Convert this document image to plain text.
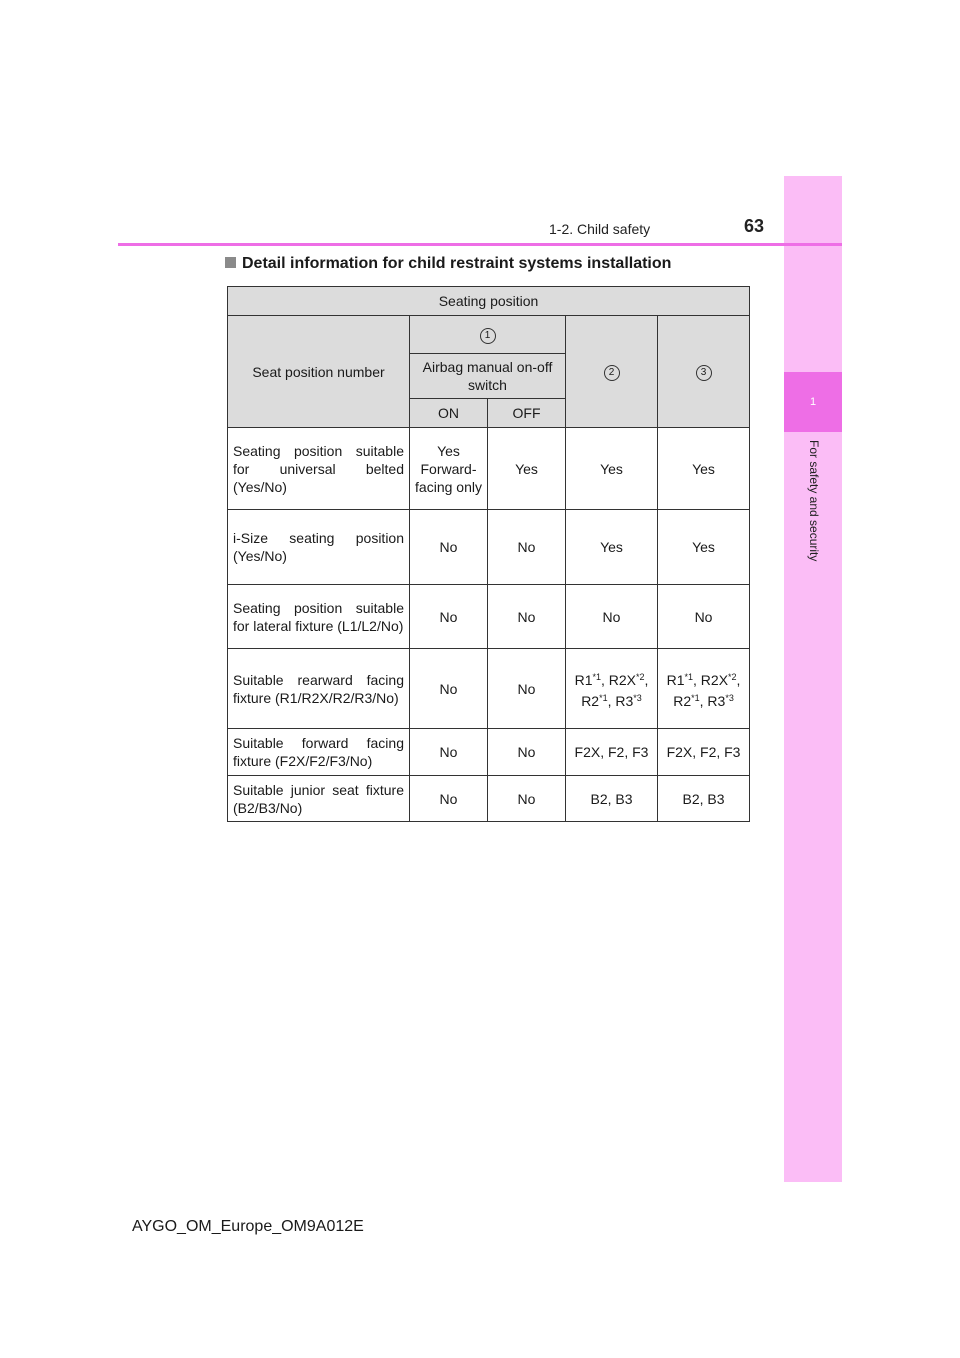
1
For safety and security
1-2. Child safety	63
Detail information for child restraint systems installation
Seating position				
Seat position number	1		2	3
	Airbag manual on-off switch			
	ON	OFF		
Seating position suitable for universal belted (Yes/No)	Yes Forward-facing only	Yes	Yes	Yes
i-Size seating position (Yes/No)	No	No	Yes	Yes
Seating position suitable for lateral fixture (L1/L2/No)	No	No	No	No
Suitable rearward facing fixture (R1/R2X/R2/R3/No)	No	No	R1$^{*1}$, $R2X^{*2}$, R2$^{*1}$, R3$^{*3}$	R1$^{*1}$, $R2X^{*2}$, R2$^{*1}$, R3$^{*3}$
Suitable forward facing fixture (F2X/F2/F3/No)	No	No	F2X, F2, F3	F2X, F2, F3
Suitable junior seat fixture (B2/B3/No)	No	No	B2, B3	B2, B3
AYGO_OM_Europe_OM9A012E
